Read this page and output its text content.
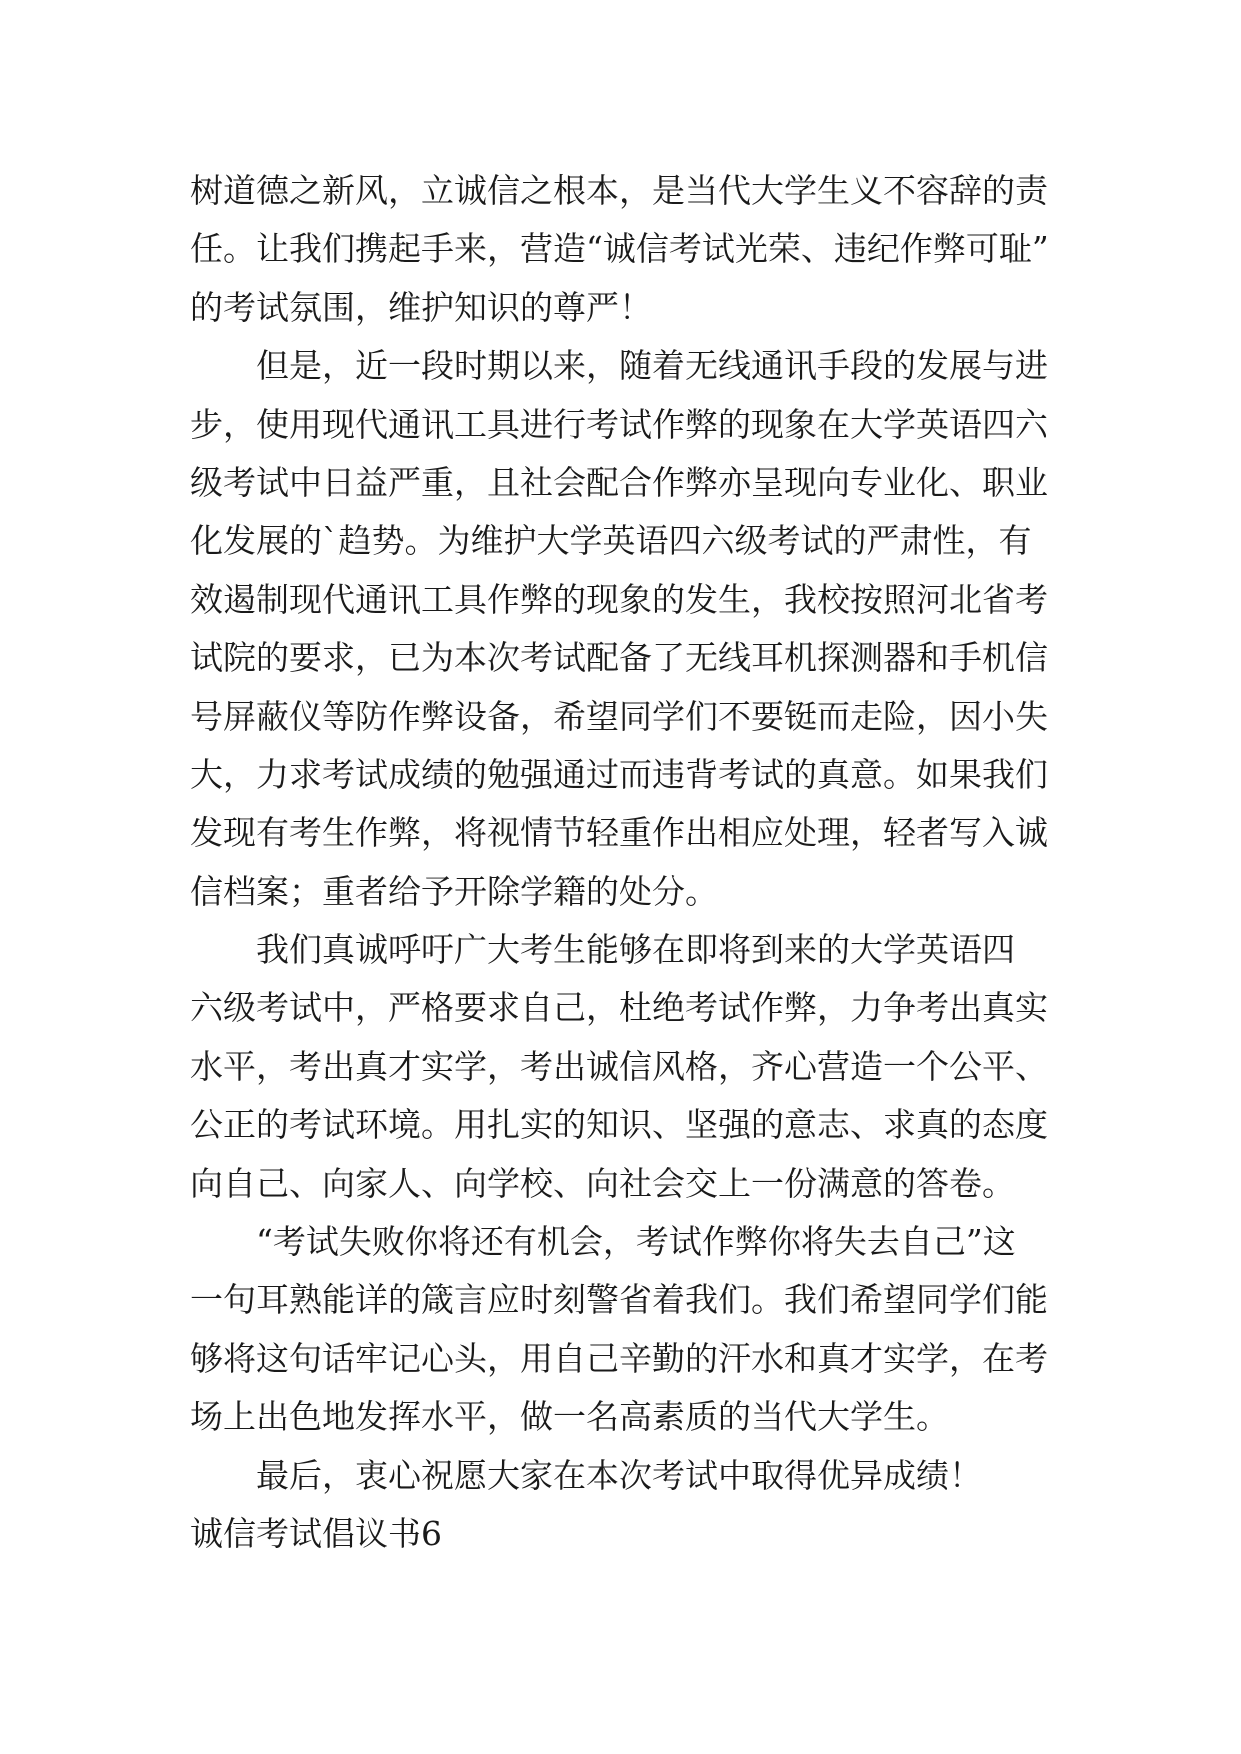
树道德之新风，立诚信之根本，是当代大学生义不容辞的责
任。让我们携起手来，营造“诚信考试光荣、违纪作弊可耻”
的考试氛围，维护知识的尊严！
但是，近一段时期以来，随着无线通讯手段的发展与进
步，使用现代通讯工具进行考试作弊的现象在大学英语四六
级考试中日益严重，且社会配合作弊亦呈现向专业化、职业
化发展的`趋势。为维护大学英语四六级考试的严肃性，有
效遏制现代通讯工具作弊的现象的发生，我校按照河北省考
试院的要求，已为本次考试配备了无线耳机探测器和手机信
号屏蔽仪等防作弊设备，希望同学们不要铤而走险，因小失
大，力求考试成绩的勉强通过而违背考试的真意。如果我们
发现有考生作弊，将视情节轻重作出相应处理，轻者写入诚
信档案；重者给予开除学籍的处分。
我们真诚呼吁广大考生能够在即将到来的大学英语四
六级考试中，严格要求自己，杜绝考试作弊，力争考出真实
水平，考出真才实学，考出诚信风格，齐心营造一个公平、
公正的考试环境。用扎实的知识、坚强的意志、求真的态度
向自己、向家人、向学校、向社会交上一份满意的答卷。
“考试失败你将还有机会，考试作弊你将失去自己”这
一句耳熟能详的箴言应时刻警省着我们。我们希望同学们能
够将这句话牢记心头，用自己辛勤的汗水和真才实学，在考
场上出色地发挥水平，做一名高素质的当代大学生。
最后，衷心祝愿大家在本次考试中取得优异成绩！
诚信考试倡议书6
